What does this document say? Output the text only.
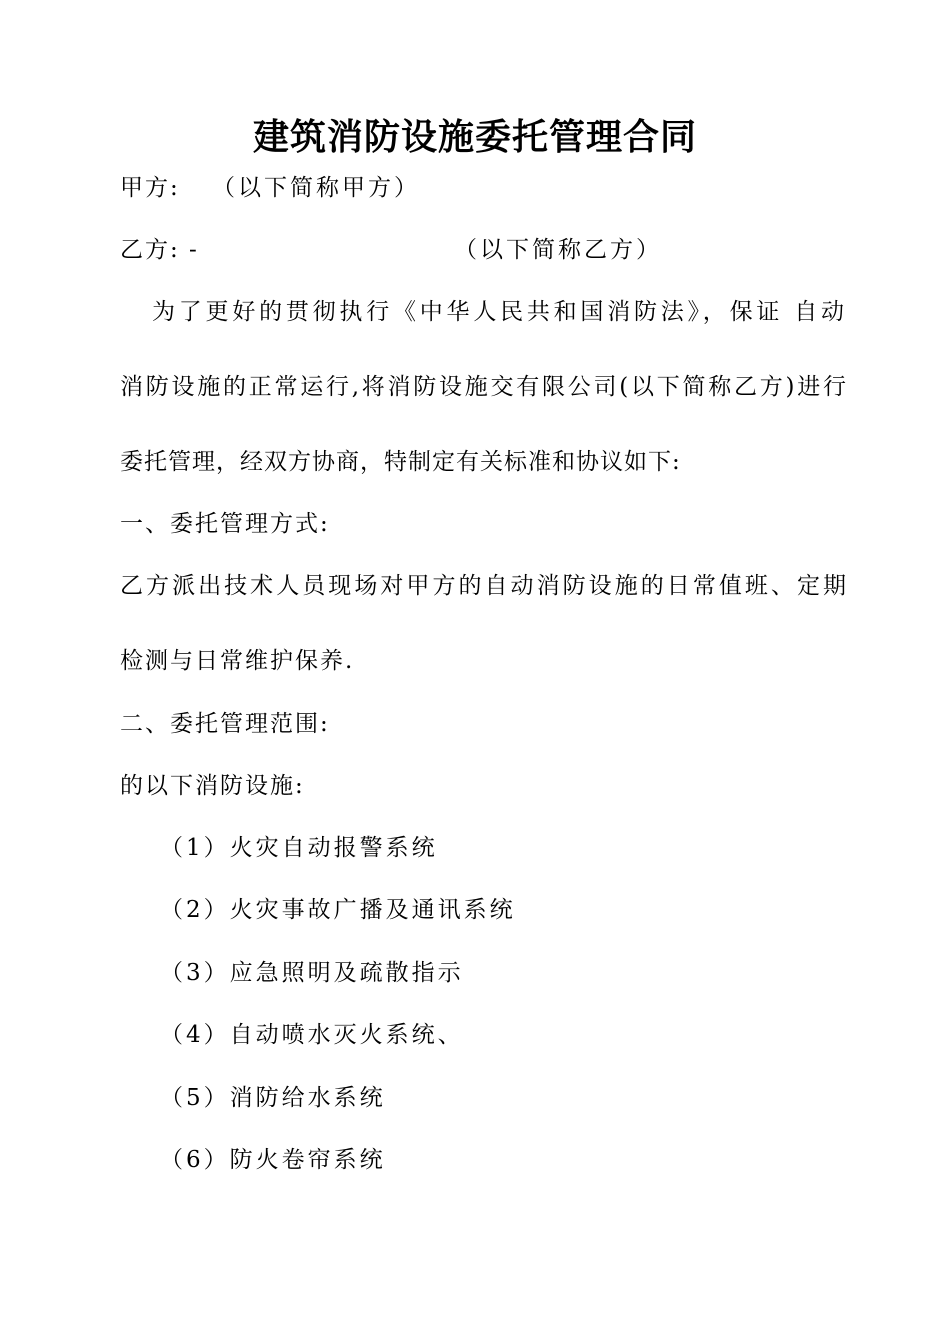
建筑消防设施委托管理合同
甲方: （以下简称甲方）
乙方: -	（以下简称乙方）
为了更好的贯彻执行《中华人民共和国消防法》，保证 自动
消防设施的正常运行,将消防设施交有限公司(以下简称乙方)进行
委托管理，经双方协商，特制定有关标准和协议如下:
一、委托管理方式:
乙方派出技术人员现场对甲方的自动消防设施的日常值班、定期
检测与日常维护保养.
二、委托管理范围:
的以下消防设施:
（1）火灾自动报警系统
（2）火灾事故广播及通讯系统
（3）应急照明及疏散指示
（4）自动喷水灭火系统、
（5）消防给水系统
（6）防火卷帘系统
